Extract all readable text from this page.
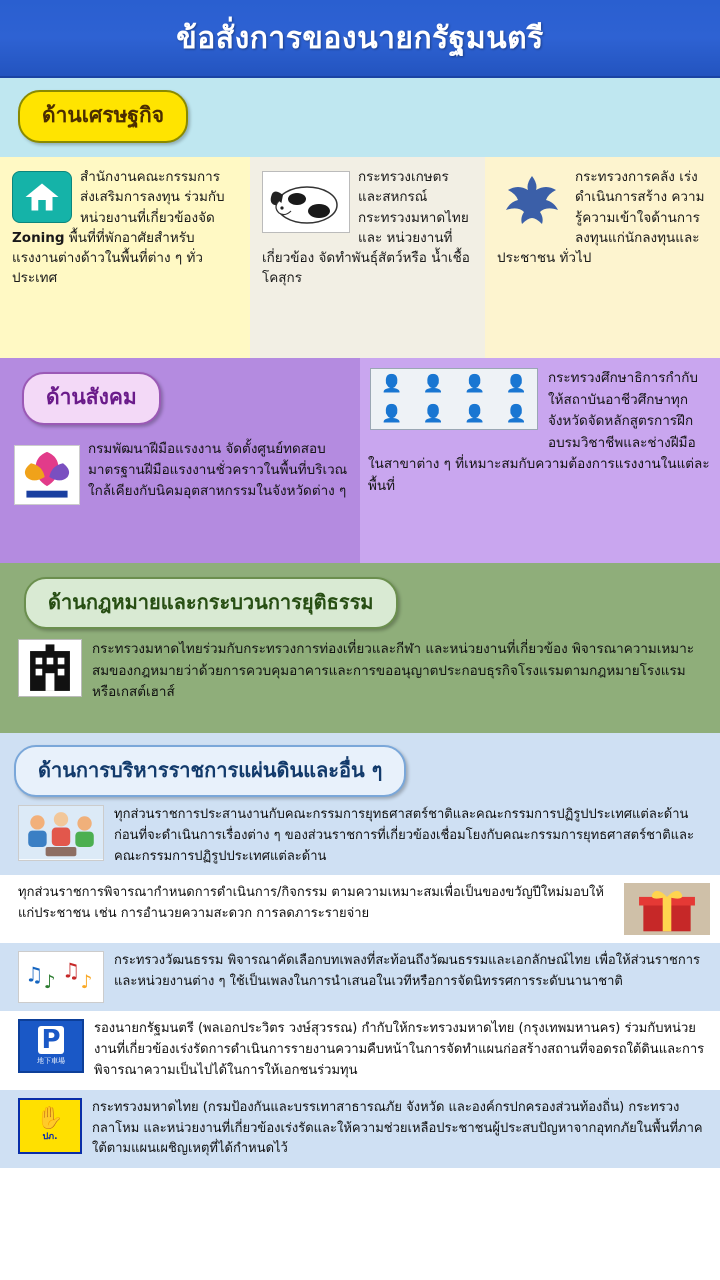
ข้อสั่งการของนายกรัฐมนตรี
ด้านเศรษฐกิจ
สำนักงานคณะกรรมการ ส่งเสริมการลงทุน ร่วมกับหน่วยงานที่เกี่ยวข้องจัด Zoning พื้นที่ที่พักอาศัยสำหรับ แรงงานต่างด้าวในพื้นที่ต่าง ๆ ทั่วประเทศ
กระทรวงเกษตร และสหกรณ์ กระทรวงมหาดไทยและ หน่วยงานที่ เกี่ยวข้อง จัดทำพันธุ์สัตว์หรือ น้ำเชื้อโคสุกร
กระทรวงการคลัง เร่งดำเนินการสร้าง ความรู้ความเข้าใจด้านการ ลงทุนแก่นักลงทุนและประชาชน ทั่วไป
ด้านสังคม
กรมพัฒนาฝีมือแรงงาน จัดตั้งศูนย์ทดสอบมาตรฐานฝีมือแรงงานชั่วคราวในพื้นที่บริเวณใกล้เคียงกับนิคมอุตสาหกรรมในจังหวัดต่าง ๆ
👤	👤	👤	👤
👤	👤	👤	👤
กระทรวงศึกษาธิการกำกับให้สถาบันอาชีวศึกษาทุกจังหวัดจัดหลักสูตรการฝึกอบรมวิชาชีพและช่างฝีมือในสาขาต่าง ๆ ที่เหมาะสมกับความต้องการแรงงานในแต่ละพื้นที่
ด้านกฎหมายและกระบวนการยุติธรรม
กระทรวงมหาดไทยร่วมกับกระทรวงการท่องเที่ยวและกีฬา และหน่วยงานที่เกี่ยวข้อง พิจารณาความเหมาะสมของกฎหมายว่าด้วยการควบคุมอาคารและการขออนุญาตประกอบธุรกิจโรงแรมตามกฎหมายโรงแรมหรือเกสต์เฮาส์
ด้านการบริหารราชการแผ่นดินและอื่น ๆ
ทุกส่วนราชการประสานงานกับคณะกรรมการยุทธศาสตร์ชาติและคณะกรรมการปฏิรูปประเทศแต่ละด้านก่อนที่จะดำเนินการเรื่องต่าง ๆ ของส่วนราชการที่เกี่ยวข้องเชื่อมโยงกับคณะกรรมการยุทธศาสตร์ชาติและคณะกรรมการปฏิรูปประเทศแต่ละด้าน
ทุกส่วนราชการพิจารณากำหนดการดำเนินการ/กิจกรรม ตามความเหมาะสมเพื่อเป็นของขวัญปีใหม่มอบให้แก่ประชาชน เช่น การอำนวยความสะดวก การลดภาระรายจ่าย
♫ ♪ ♫ ♪
กระทรวงวัฒนธรรม พิจารณาคัดเลือกบทเพลงที่สะท้อนถึงวัฒนธรรมและเอกลักษณ์ไทย เพื่อให้ส่วนราชการและหน่วยงานต่าง ๆ ใช้เป็นเพลงในการนำเสนอในเวทีหรือการจัดนิทรรศการระดับนานาชาติ
P
地下車場
รองนายกรัฐมนตรี (พลเอกประวิตร วงษ์สุวรรณ) กำกับให้กระทรวงมหาดไทย (กรุงเทพมหานคร) ร่วมกับหน่วยงานที่เกี่ยวข้องเร่งรัดการดำเนินการรายงานความคืบหน้าในการจัดทำแผนก่อสร้างสถานที่จอดรถใต้ดินและการพิจารณาความเป็นไปได้ในการให้เอกชนร่วมทุน
✋
ปภ.
กระทรวงมหาดไทย (กรมป้องกันและบรรเทาสาธารณภัย จังหวัด และองค์กรปกครองส่วนท้องถิ่น) กระทรวงกลาโหม และหน่วยงานที่เกี่ยวข้องเร่งรัดและให้ความช่วยเหลือประชาชนผู้ประสบปัญหาจากอุทกภัยในพื้นที่ภาคใต้ตามแผนเผชิญเหตุที่ได้กำหนดไว้
